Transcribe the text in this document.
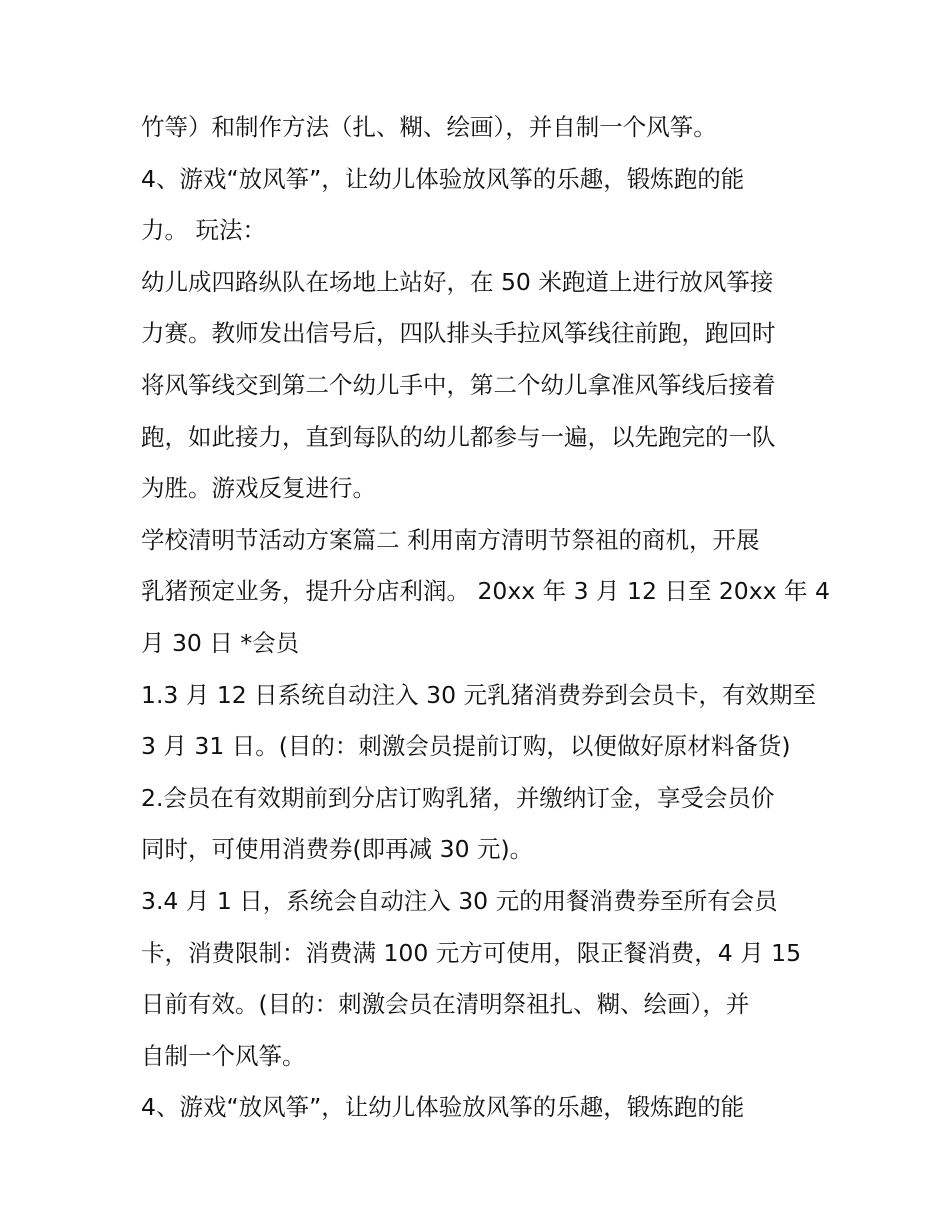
竹等）和制作方法（扎、糊、绘画），并自制一个风筝。
4、游戏“放风筝”，让幼儿体验放风筝的乐趣，锻炼跑的能
力。 玩法：
幼儿成四路纵队在场地上站好，在 50 米跑道上进行放风筝接
力赛。教师发出信号后，四队排头手拉风筝线往前跑，跑回时
将风筝线交到第二个幼儿手中，第二个幼儿拿准风筝线后接着
跑，如此接力，直到每队的幼儿都参与一遍，以先跑完的一队
为胜。游戏反复进行。
学校清明节活动方案篇二 利用南方清明节祭祖的商机，开展
乳猪预定业务，提升分店利润。 20xx 年 3 月 12 日至 20xx 年 4
月 30 日 *会员
1.3 月 12 日系统自动注入 30 元乳猪消费券到会员卡，有效期至
3 月 31 日。(目的：刺激会员提前订购，以便做好原材料备货)
2.会员在有效期前到分店订购乳猪，并缴纳订金，享受会员价
同时，可使用消费券(即再减 30 元)。
3.4 月 1 日，系统会自动注入 30 元的用餐消费券至所有会员
卡，消费限制：消费满 100 元方可使用，限正餐消费，4 月 15
日前有效。(目的：刺激会员在清明祭祖扎、糊、绘画），并
自制一个风筝。
4、游戏“放风筝”，让幼儿体验放风筝的乐趣，锻炼跑的能
